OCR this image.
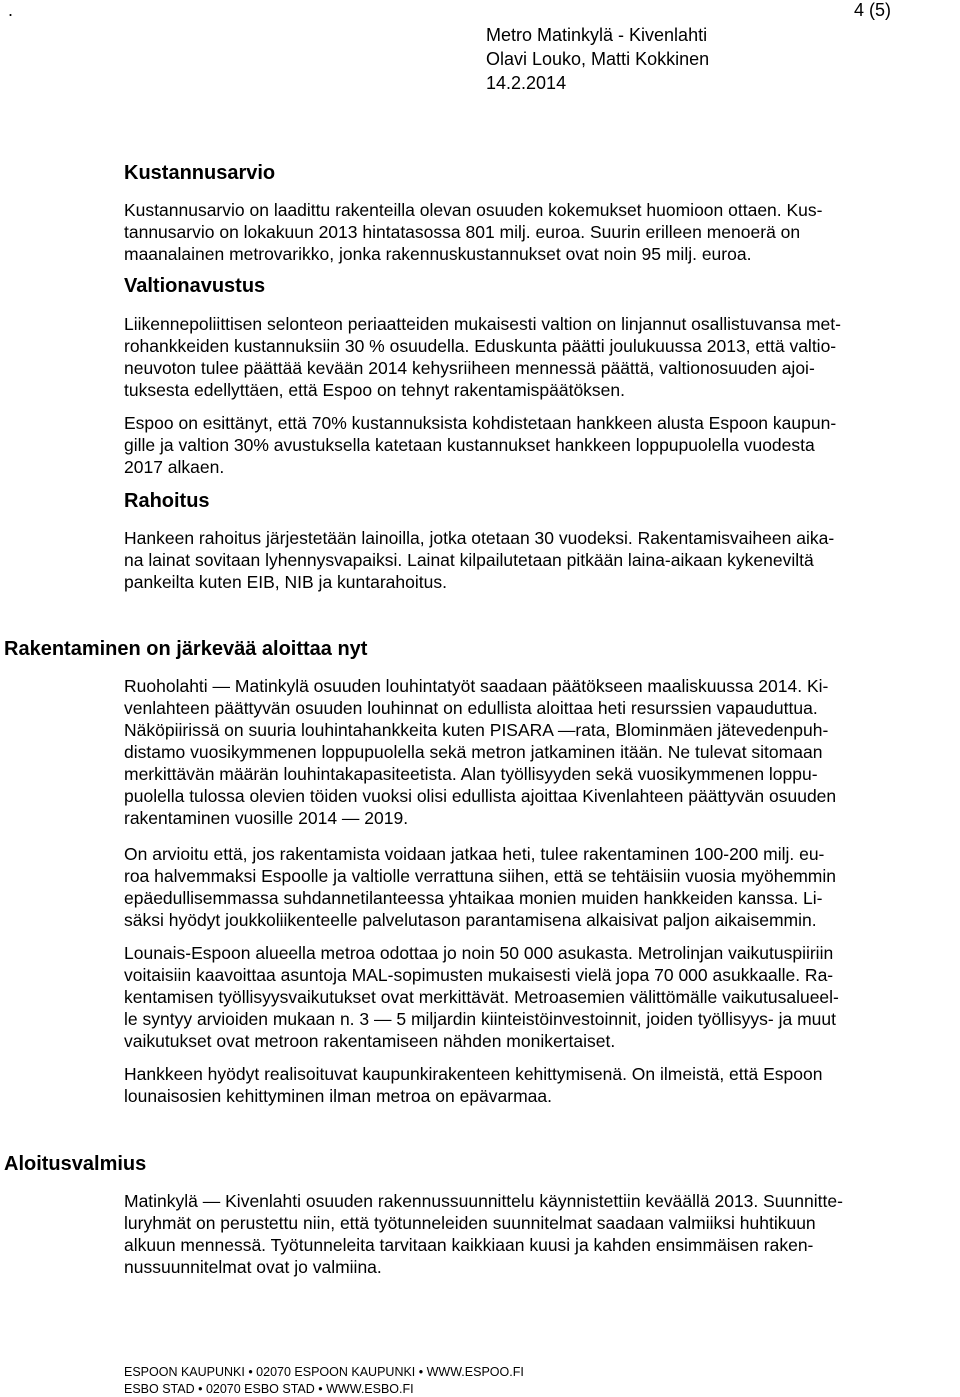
.	4 (5)
Metro Matinkylä - Kivenlahti
Olavi Louko, Matti Kokkinen
14.2.2014
Kustannusarvio
Kustannusarvio on laadittu rakenteilla olevan osuuden kokemukset huomioon ottaen. Kus-
tannusarvio on lokakuun 2013 hintatasossa 801 milj. euroa. Suurin erilleen menoerä on
maanalainen metrovarikko, jonka rakennuskustannukset ovat noin 95 milj. euroa.
Valtionavustus
Liikennepoliittisen selonteon periaatteiden mukaisesti valtion on linjannut osallistuvansa met-
rohankkeiden kustannuksiin 30 % osuudella. Eduskunta päätti joulukuussa 2013, että valtio-
neuvoton tulee päättää kevään 2014 kehysriiheen mennessä päättä, valtionosuuden ajoi-
tuksesta edellyttäen, että Espoo on tehnyt rakentamispäätöksen.
Espoo on esittänyt, että 70% kustannuksista kohdistetaan hankkeen alusta Espoon kaupun-
gille ja valtion 30% avustuksella katetaan kustannukset hankkeen loppupuolella vuodesta
2017 alkaen.
Rahoitus
Hankeen rahoitus järjestetään lainoilla, jotka otetaan 30 vuodeksi. Rakentamisvaiheen aika-
na lainat sovitaan lyhennysvapaiksi. Lainat kilpailutetaan pitkään laina-aikaan kykeneviltä
pankeilta kuten EIB, NIB ja kuntarahoitus.
Rakentaminen on järkevää aloittaa nyt
Ruoholahti — Matinkylä osuuden louhintatyöt saadaan päätökseen maaliskuussa 2014. Ki-
venlahteen päättyvän osuuden louhinnat on edullista aloittaa heti resurssien vapauduttua.
Näköpiirissä on suuria louhintahankkeita kuten PISARA —rata, Blominmäen jätevedenpuh-
distamo vuosikymmenen loppupuolella sekä metron jatkaminen itään. Ne tulevat sitomaan
merkittävän määrän louhintakapasiteetista. Alan työllisyyden sekä vuosikymmenen loppu-
puolella tulossa olevien töiden vuoksi olisi edullista ajoittaa Kivenlahteen päättyvän osuuden
rakentaminen vuosille 2014 — 2019.
On arvioitu että, jos rakentamista voidaan jatkaa heti, tulee rakentaminen 100-200 milj. eu-
roa halvemmaksi Espoolle ja valtiolle verrattuna siihen, että se tehtäisiin vuosia myöhemmin
epäedullisemmassa suhdannetilanteessa yhtaikaa monien muiden hankkeiden kanssa. Li-
säksi hyödyt joukkoliikenteelle palvelutason parantamisena alkaisivat paljon aikaisemmin.
Lounais-Espoon alueella metroa odottaa jo noin 50 000 asukasta. Metrolinjan vaikutuspiiriin
voitaisiin kaavoittaa asuntoja MAL-sopimusten mukaisesti vielä jopa 70 000 asukkaalle. Ra-
kentamisen työllisyysvaikutukset ovat merkittävät. Metroasemien välittömälle vaikutusalueel-
le syntyy arvioiden mukaan n. 3 — 5 miljardin kiinteistöinvestoinnit, joiden työllisyys- ja muut
vaikutukset ovat metroon rakentamiseen nähden monikertaiset.
Hankkeen hyödyt realisoituvat kaupunkirakenteen kehittymisenä. On ilmeistä, että Espoon
lounaisosien kehittyminen ilman metroa on epävarmaa.
Aloitusvalmius
Matinkylä — Kivenlahti osuuden rakennussuunnittelu käynnistettiin keväällä 2013. Suunnitte-
luryhmät on perustettu niin, että työtunneleiden suunnitelmat saadaan valmiiksi huhtikuun
alkuun mennessä. Työtunneleita tarvitaan kaikkiaan kuusi ja kahden ensimmäisen raken-
nussuunnitelmat ovat jo valmiina.
ESPOON KAUPUNKI • 02070 ESPOON KAUPUNKI • WWW.ESPOO.FI
ESBO STAD • 02070 ESBO STAD • WWW.ESBO.FI
